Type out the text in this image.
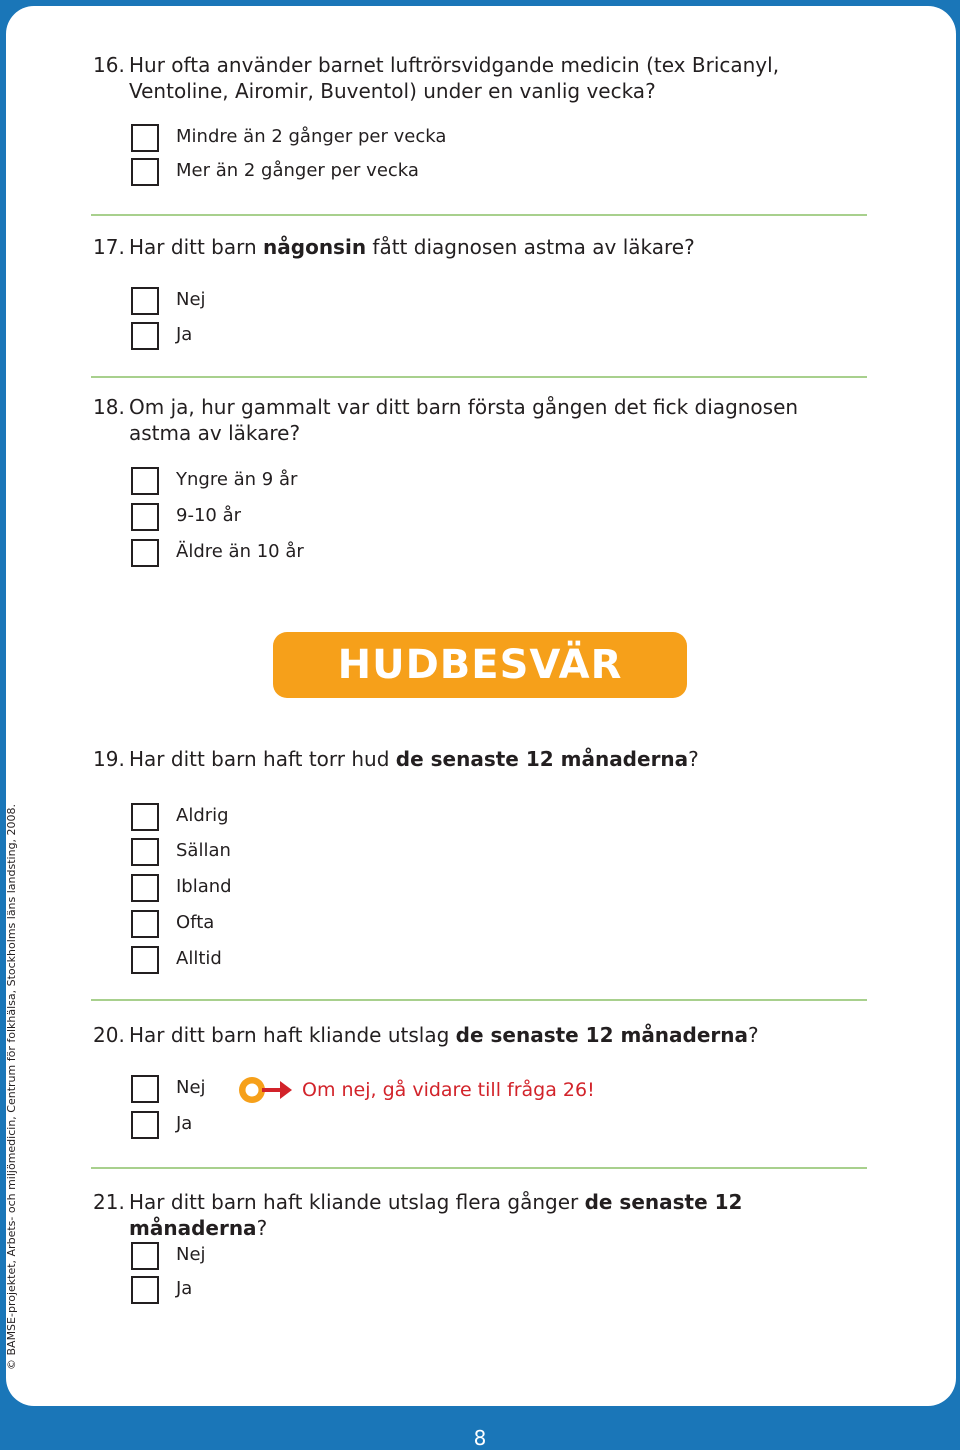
16. Hur ofta använder barnet luftrörsvidgande medicin (tex Bricanyl, Ventoline, Airomir, Buventol) under en vanlig vecka?
Mindre än 2 gånger per vecka
Mer än 2 gånger per vecka
17. Har ditt barn någonsin fått diagnosen astma av läkare?
Nej
Ja
18. Om ja, hur gammalt var ditt barn första gången det fick diagnosen astma av läkare?
Yngre än 9 år
9-10 år
Äldre än 10 år
HUDBESVÄR
19. Har ditt barn haft torr hud de senaste 12 månaderna?
Aldrig
Sällan
Ibland
Ofta
Alltid
20. Har ditt barn haft kliande utslag de senaste 12 månaderna?
Nej
Ja
Om nej, gå vidare till fråga 26!
21. Har ditt barn haft kliande utslag flera gånger de senaste 12 månaderna?
Nej
Ja
© BAMSE-projektet, Arbets- och miljömedicin, Centrum för folkhälsa, Stockholms läns landsting, 2008.
8
